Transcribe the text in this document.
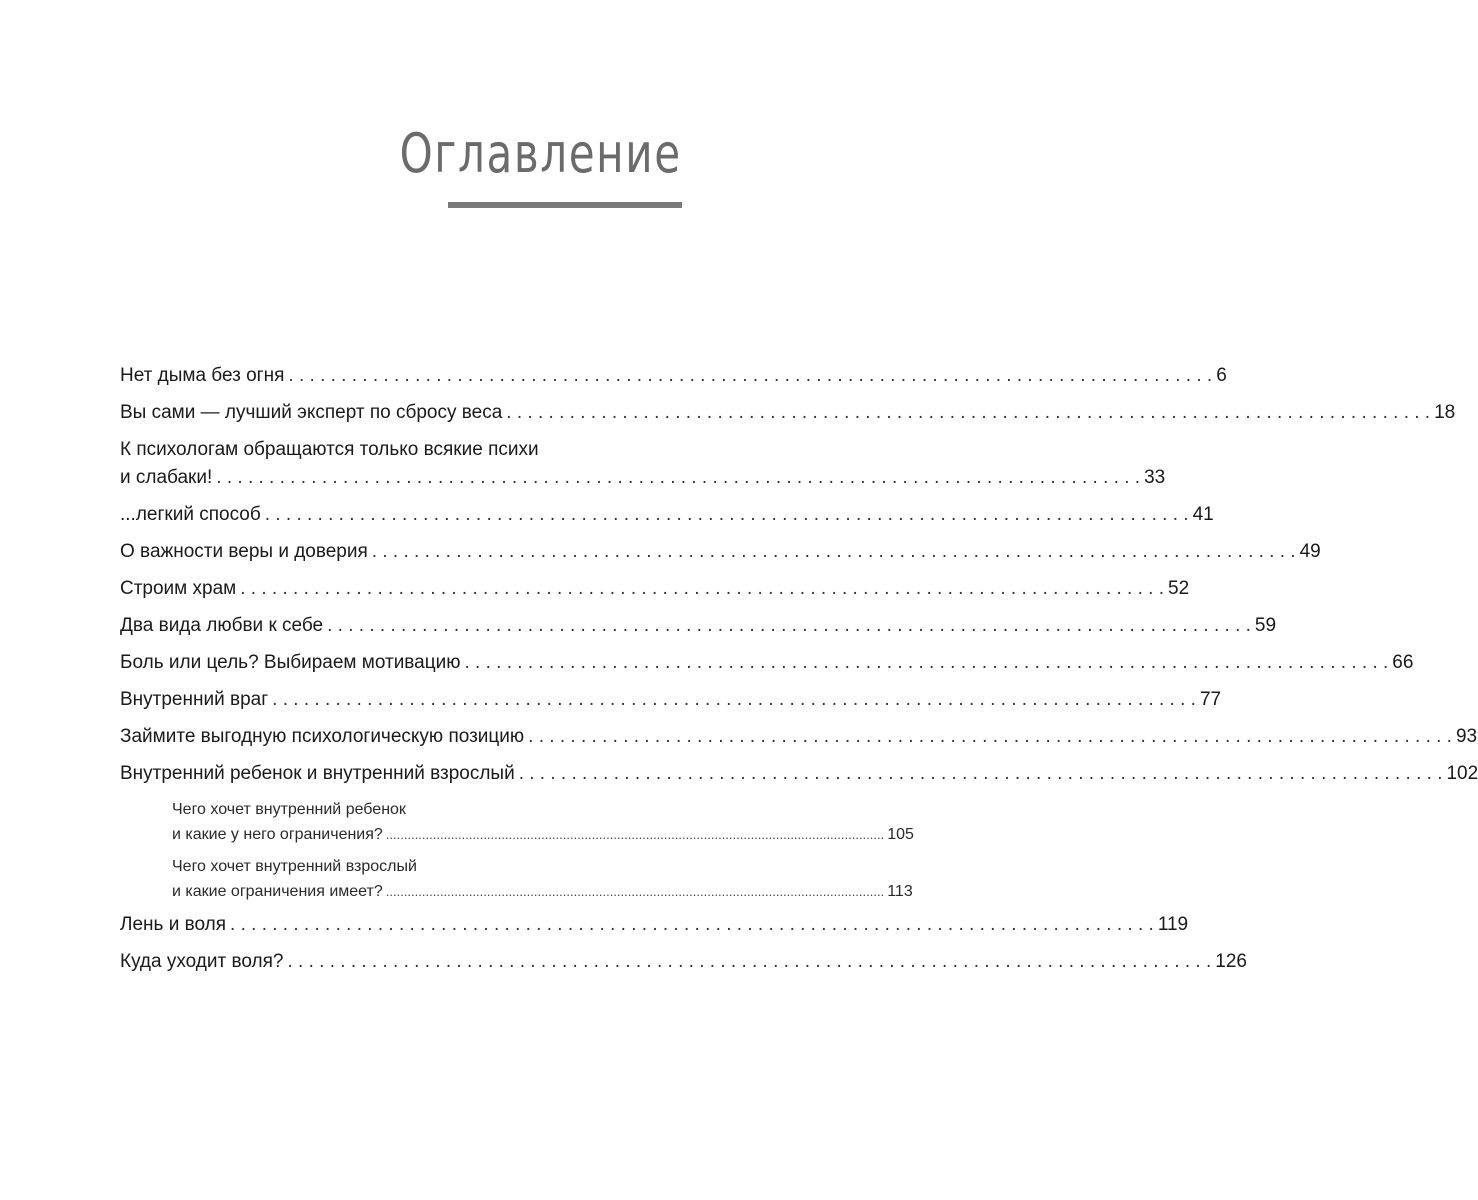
Оглавление
Нет дыма без огня . . .	6
Вы сами — лучший эксперт по сбросу веса . . .	18
К психологам обращаются только всякие психи
и слабаки! . . .	33
...легкий способ . . .	41
О важности веры и доверия . . .	49
Строим храм . . .	52
Два вида любви к себе . . .	59
Боль или цель? Выбираем мотивацию . . .	66
Внутренний враг . . .	77
Займите выгодную психологическую позицию . . .	93
Внутренний ребенок и внутренний взрослый . . .	102
Чего хочет внутренний ребенок
и какие у него ограничения? .....	105
Чего хочет внутренний взрослый
и какие ограничения имеет? .....	113
Лень и воля . . .	119
Куда уходит воля? . . .	126
